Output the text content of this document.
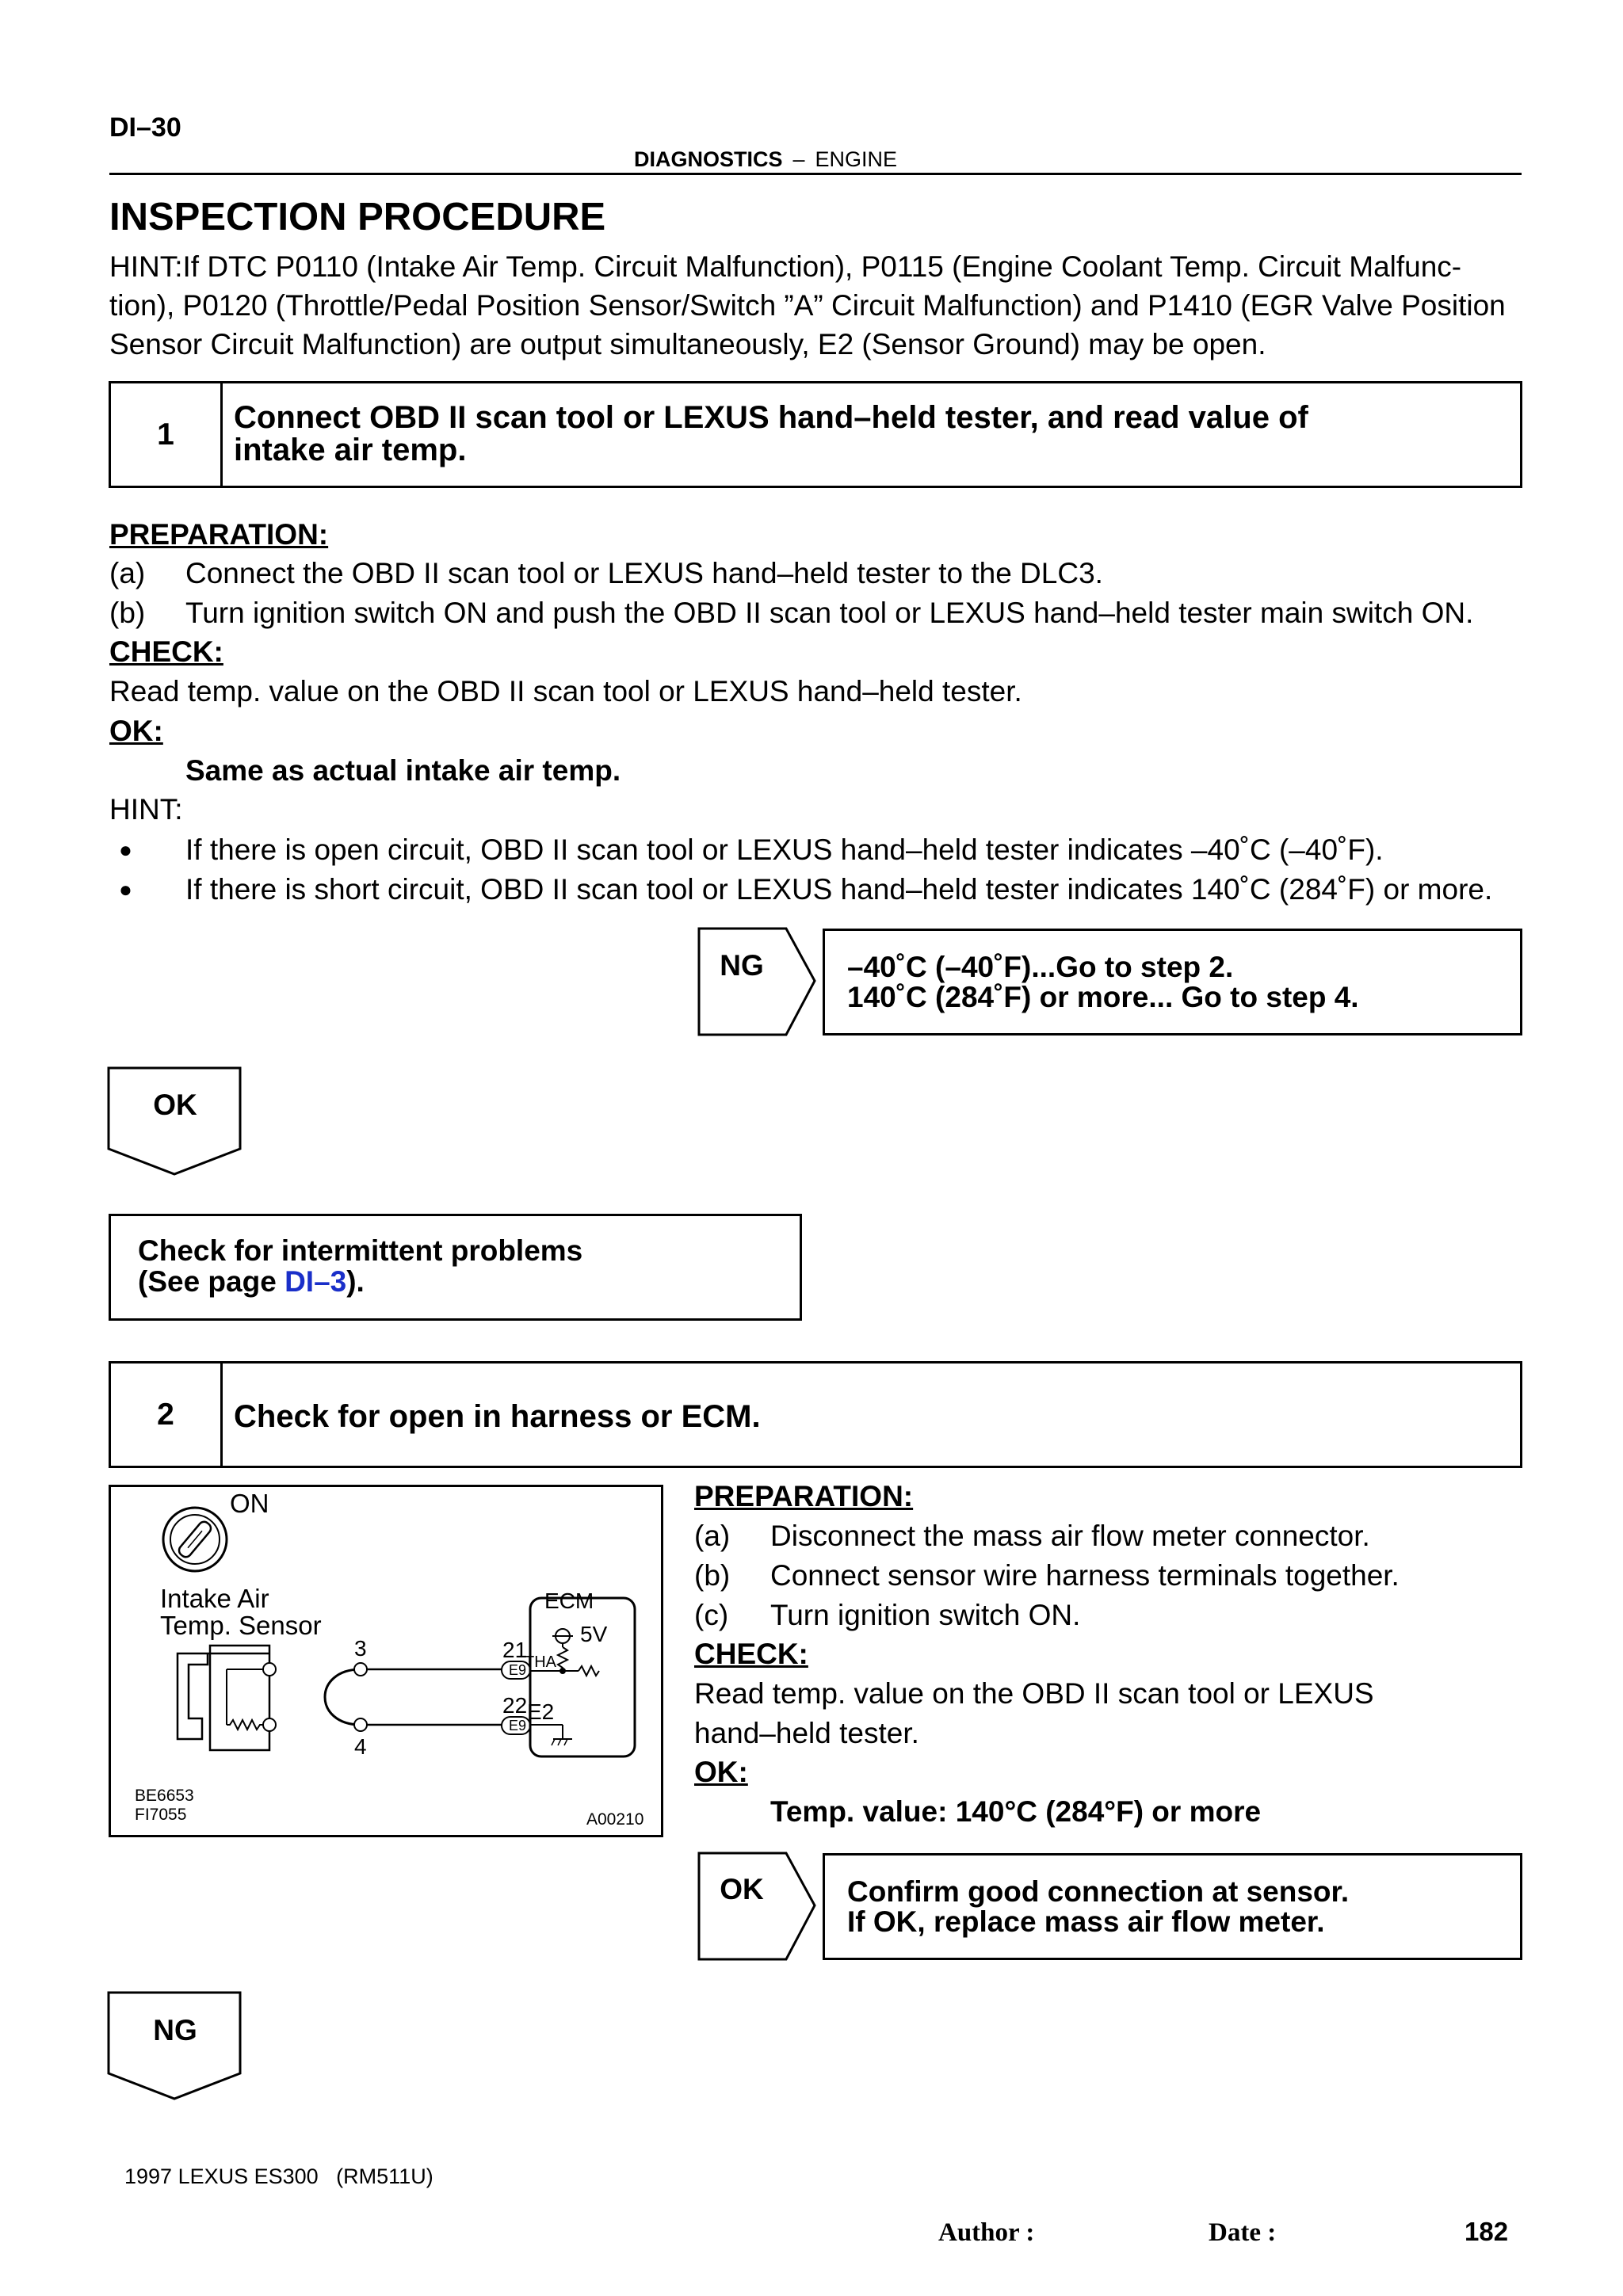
DI–30
DIAGNOSTICS – ENGINE
INSPECTION PROCEDURE
HINT:If DTC P0110 (Intake Air Temp. Circuit Malfunction), P0115 (Engine Coolant Temp. Circuit Malfunc-
tion), P0120 (Throttle/Pedal Position Sensor/Switch ”A” Circuit Malfunction) and P1410 (EGR Valve Position
Sensor Circuit Malfunction) are output simultaneously, E2 (Sensor Ground) may be open.
1	Connect OBD II scan tool or LEXUS hand–held tester, and read value of
intake air temp.
PREPARATION:
(a) Connect the OBD II scan tool or LEXUS hand–held tester to the DLC3.
(b) Turn ignition switch ON and push the OBD II scan tool or LEXUS hand–held tester main switch ON.
CHECK:
Read temp. value on the OBD II scan tool or LEXUS hand–held tester.
OK:
Same as actual intake air temp.
HINT:
● If there is open circuit, OBD II scan tool or LEXUS hand–held tester indicates –40˚C (–40˚F).
● If there is short circuit, OBD II scan tool or LEXUS hand–held tester indicates 140˚C (284˚F) or more.
NG	–40˚C (–40˚F)...Go to step 2.
140˚C (284˚F) or more... Go to step 4.
OK
Check for intermittent problems
(See page DI–3).
2	Check for open in harness or ECM.
ON
Intake Air
Temp. Sensor
ECM
5V
3
4
21
22
E9
E9
THA
E2
BE6653
FI7055	A00210
PREPARATION:
(a) Disconnect the mass air flow meter connector.
(b) Connect sensor wire harness terminals together.
(c) Turn ignition switch ON.
CHECK:
Read temp. value on the OBD II scan tool or LEXUS
hand–held tester.
OK:
Temp. value: 140°C (284°F) or more
OK	Confirm good connection at sensor.
If OK, replace mass air flow meter.
NG
1997 LEXUS ES300   (RM511U)
Author :	Date :	182
